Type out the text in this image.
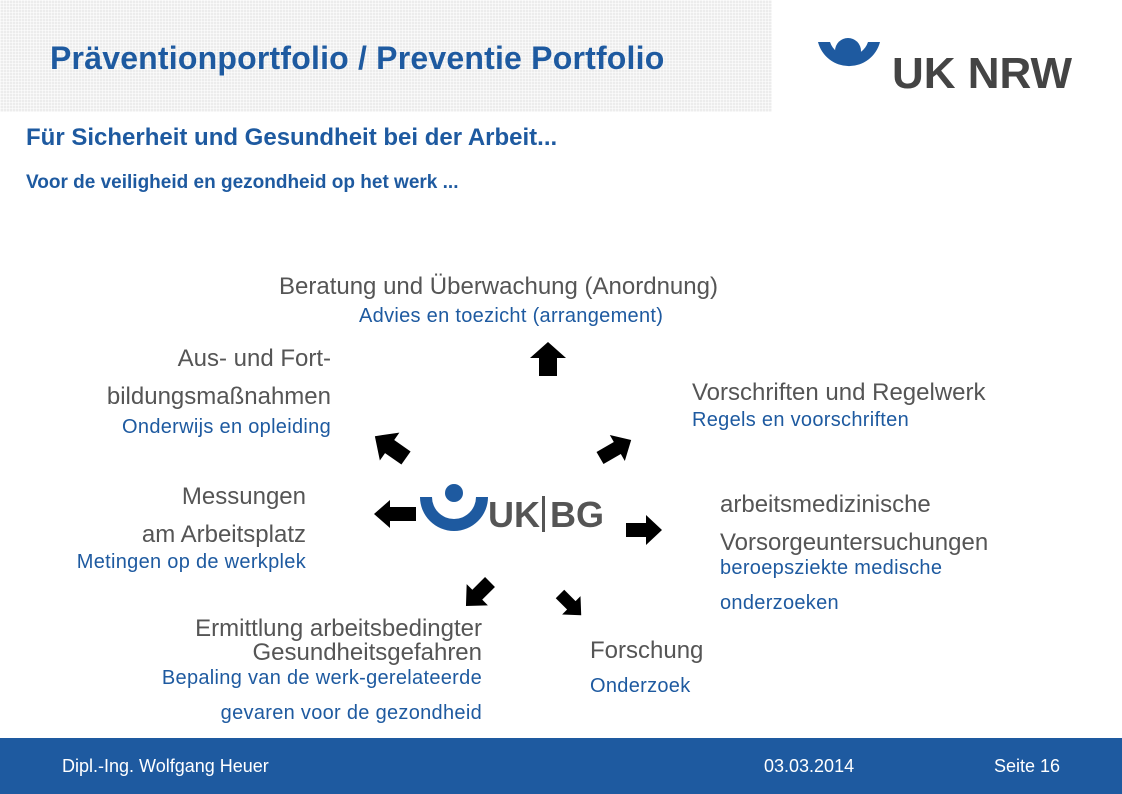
UK NRW
Präventionportfolio / Preventie Portfolio
Für Sicherheit und Gesundheit bei der Arbeit...
Voor de veiligheid en gezondheid op het werk ...
UK BG
Beratung und Überwachung (Anordnung)
Advies en toezicht (arrangement)
Vorschriften und Regelwerk
Regels en voorschriften
arbeitsmedizinische
Vorsorgeuntersuchungen
beroepsziekte medische
onderzoeken
Forschung
Onderzoek
Ermittlung arbeitsbedingter
Gesundheitsgefahren
Bepaling van de werk-gerelateerde
gevaren voor de gezondheid
Messungen
am Arbeitsplatz
Metingen op de werkplek
Aus- und Fort-
bildungsmaßnahmen
Onderwijs en opleiding
Dipl.-Ing. Wolfgang Heuer	03.03.2014	Seite 16
